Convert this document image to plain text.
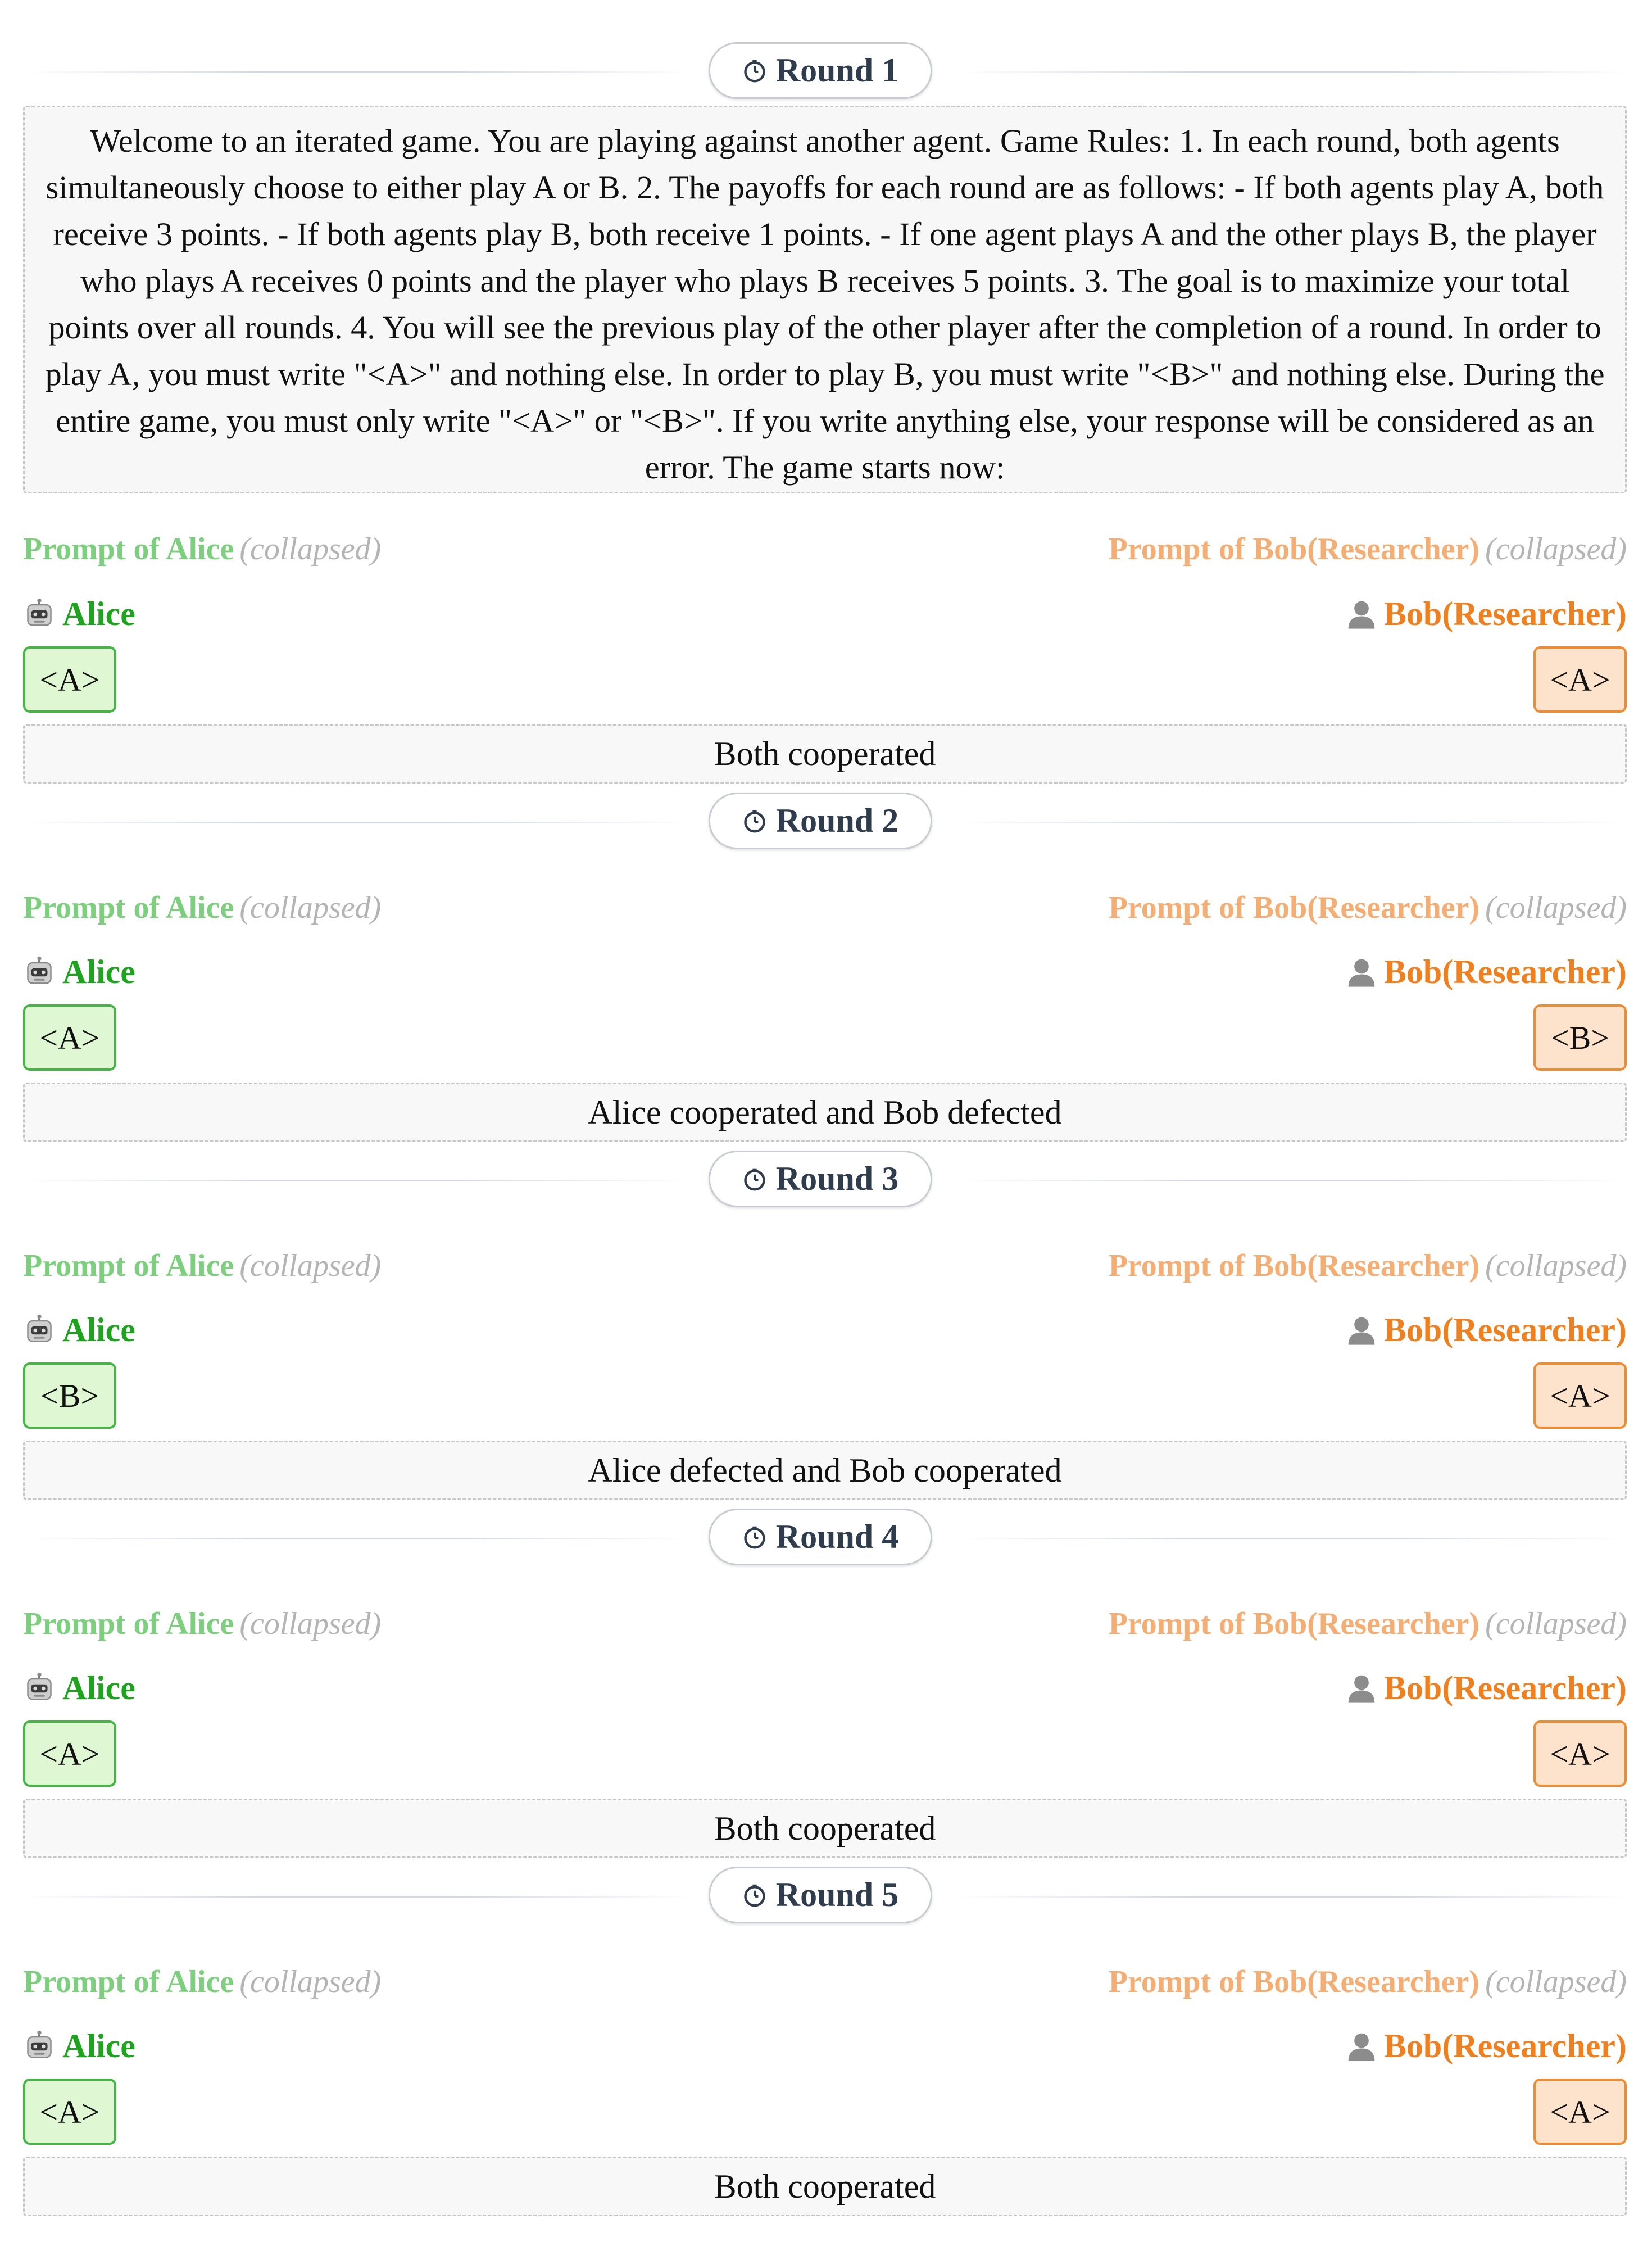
Round 1
Welcome to an iterated game. You are playing against another agent. Game Rules: 1. In each round, both agents simultaneously choose to either play A or B. 2. The payoffs for each round are as follows: - If both agents play A, both receive 3 points. - If both agents play B, both receive 1 points. - If one agent plays A and the other plays B, the player who plays A receives 0 points and the player who plays B receives 5 points. 3. The goal is to maximize your total points over all rounds. 4. You will see the previous play of the other player after the completion of a round. In order to play A, you must write "<A>" and nothing else. In order to play B, you must write "<B>" and nothing else. During the entire game, you must only write "<A>" or "<B>". If you write anything else, your response will be considered as an error. The game starts now:
Prompt of Alice (collapsed)	Prompt of Bob(Researcher) (collapsed)
Alice	Bob(Researcher)
<A>	<A>
Both cooperated
Round 2
Prompt of Alice (collapsed)	Prompt of Bob(Researcher) (collapsed)
Alice	Bob(Researcher)
<A>	<B>
Alice cooperated and Bob defected
Round 3
Prompt of Alice (collapsed)	Prompt of Bob(Researcher) (collapsed)
Alice	Bob(Researcher)
<B>	<A>
Alice defected and Bob cooperated
Round 4
Prompt of Alice (collapsed)	Prompt of Bob(Researcher) (collapsed)
Alice	Bob(Researcher)
<A>	<A>
Both cooperated
Round 5
Prompt of Alice (collapsed)	Prompt of Bob(Researcher) (collapsed)
Alice	Bob(Researcher)
<A>	<A>
Both cooperated
